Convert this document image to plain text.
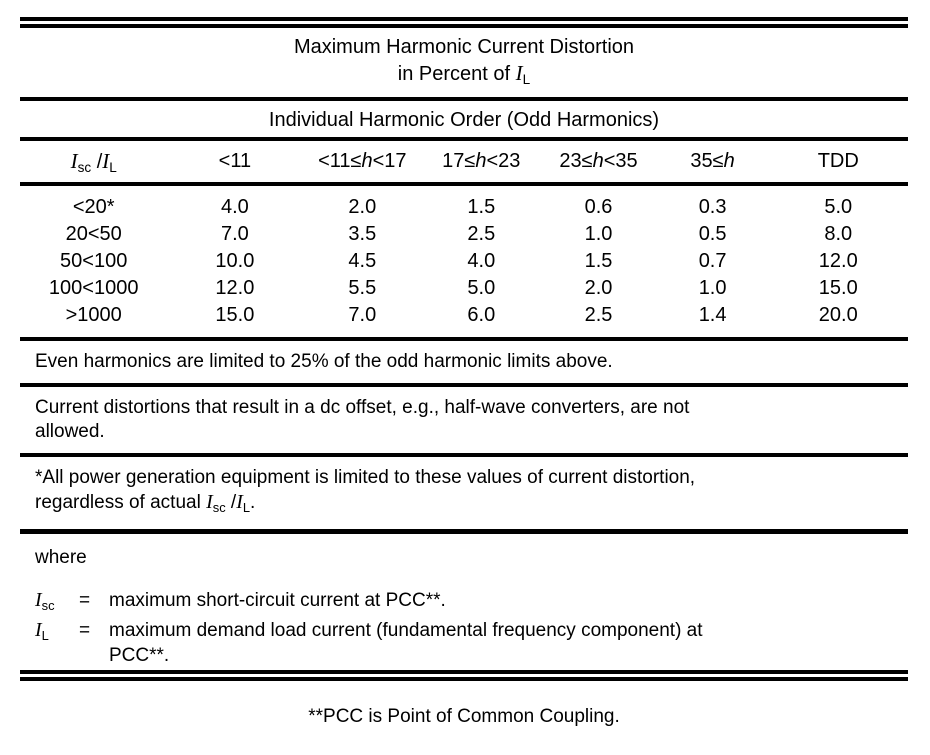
Maximum Harmonic Current Distortion
in Percent of $I_L$
Individual Harmonic Order (Odd Harmonics)
$I_{sc}$ $/I_L$	<11	<11≤h<17	17≤h<23	23≤h<35	35≤h	TDD
<20*	4.0	2.0	1.5	0.6	0.3	5.0
20<50	7.0	3.5	2.5	1.0	0.5	8.0
50<100	10.0	4.5	4.0	1.5	0.7	12.0
100<1000	12.0	5.5	5.0	2.0	1.0	15.0
>1000	15.0	7.0	6.0	2.5	1.4	20.0
Even harmonics are limited to 25% of the odd harmonic limits above.
Current distortions that result in a dc offset, e.g., half-wave converters, are not
allowed.
*All power generation equipment is limited to these values of current distortion,
regardless of actual $I_{sc}$ $/I_L$.
where
$I_{sc}$	= maximum short-circuit current at PCC**.
$I_L$	= maximum demand load current (fundamental frequency component) at
PCC**.
**PCC is Point of Common Coupling.
